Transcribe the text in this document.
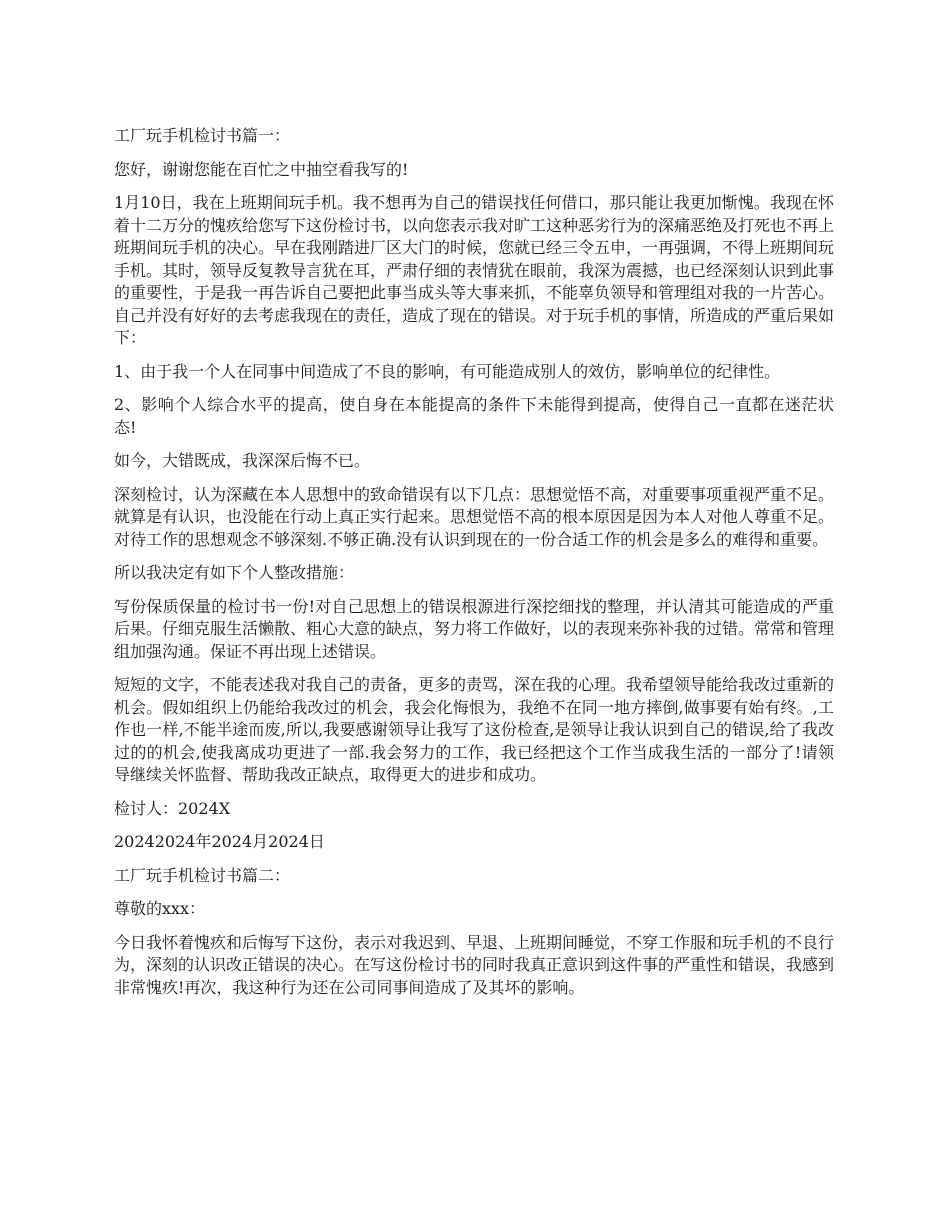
工厂玩手机检讨书篇一：

您好，谢谢您能在百忙之中抽空看我写的!

1月10日，我在上班期间玩手机。我不想再为自己的错误找任何借口，那只能让我更加惭愧。我现在怀着十二万分的愧疚给您写下这份检讨书，以向您表示我对旷工这种恶劣行为的深痛恶绝及打死也不再上班期间玩手机的决心。早在我刚踏进厂区大门的时候，您就已经三令五申，一再强调，不得上班期间玩手机。其时，领导反复教导言犹在耳，严肃仔细的表情犹在眼前，我深为震撼，也已经深刻认识到此事的重要性，于是我一再告诉自己要把此事当成头等大事来抓，不能辜负领导和管理组对我的一片苦心。自己并没有好好的去考虑我现在的责任，造成了现在的错误。对于玩手机的事情，所造成的严重后果如下：

1、由于我一个人在同事中间造成了不良的影响，有可能造成别人的效仿，影响单位的纪律性。

2、影响个人综合水平的提高，使自身在本能提高的条件下未能得到提高，使得自己一直都在迷茫状态!

如今，大错既成，我深深后悔不已。

深刻检讨，认为深藏在本人思想中的致命错误有以下几点：思想觉悟不高，对重要事项重视严重不足。就算是有认识，也没能在行动上真正实行起来。思想觉悟不高的根本原因是因为本人对他人尊重不足。对待工作的思想观念不够深刻.不够正确.没有认识到现在的一份合适工作的机会是多么的难得和重要。

所以我决定有如下个人整改措施：

写份保质保量的检讨书一份!对自己思想上的错误根源进行深挖细找的整理，并认清其可能造成的严重后果。仔细克服生活懒散、粗心大意的缺点，努力将工作做好，以的表现来弥补我的过错。常常和管理组加强沟通。保证不再出现上述错误。

短短的文字，不能表述我对我自己的责备，更多的责骂，深在我的心理。我希望领导能给我改过重新的机会。假如组织上仍能给我改过的机会，我会化悔恨为，我绝不在同一地方摔倒,做事要有始有终。,工作也一样,不能半途而废,所以,我要感谢领导让我写了这份检查,是领导让我认识到自己的错误,给了我改过的的机会,使我离成功更进了一部.我会努力的工作，我已经把这个工作当成我生活的一部分了!请领导继续关怀监督、帮助我改正缺点，取得更大的进步和成功。

检讨人：2024X

20242024年2024月2024日

工厂玩手机检讨书篇二：

尊敬的xxx：

今日我怀着愧疚和后悔写下这份，表示对我迟到、早退、上班期间睡觉，不穿工作服和玩手机的不良行为，深刻的认识改正错误的决心。在写这份检讨书的同时我真正意识到这件事的严重性和错误，我感到非常愧疚!再次，我这种行为还在公司同事间造成了及其坏的影响。
